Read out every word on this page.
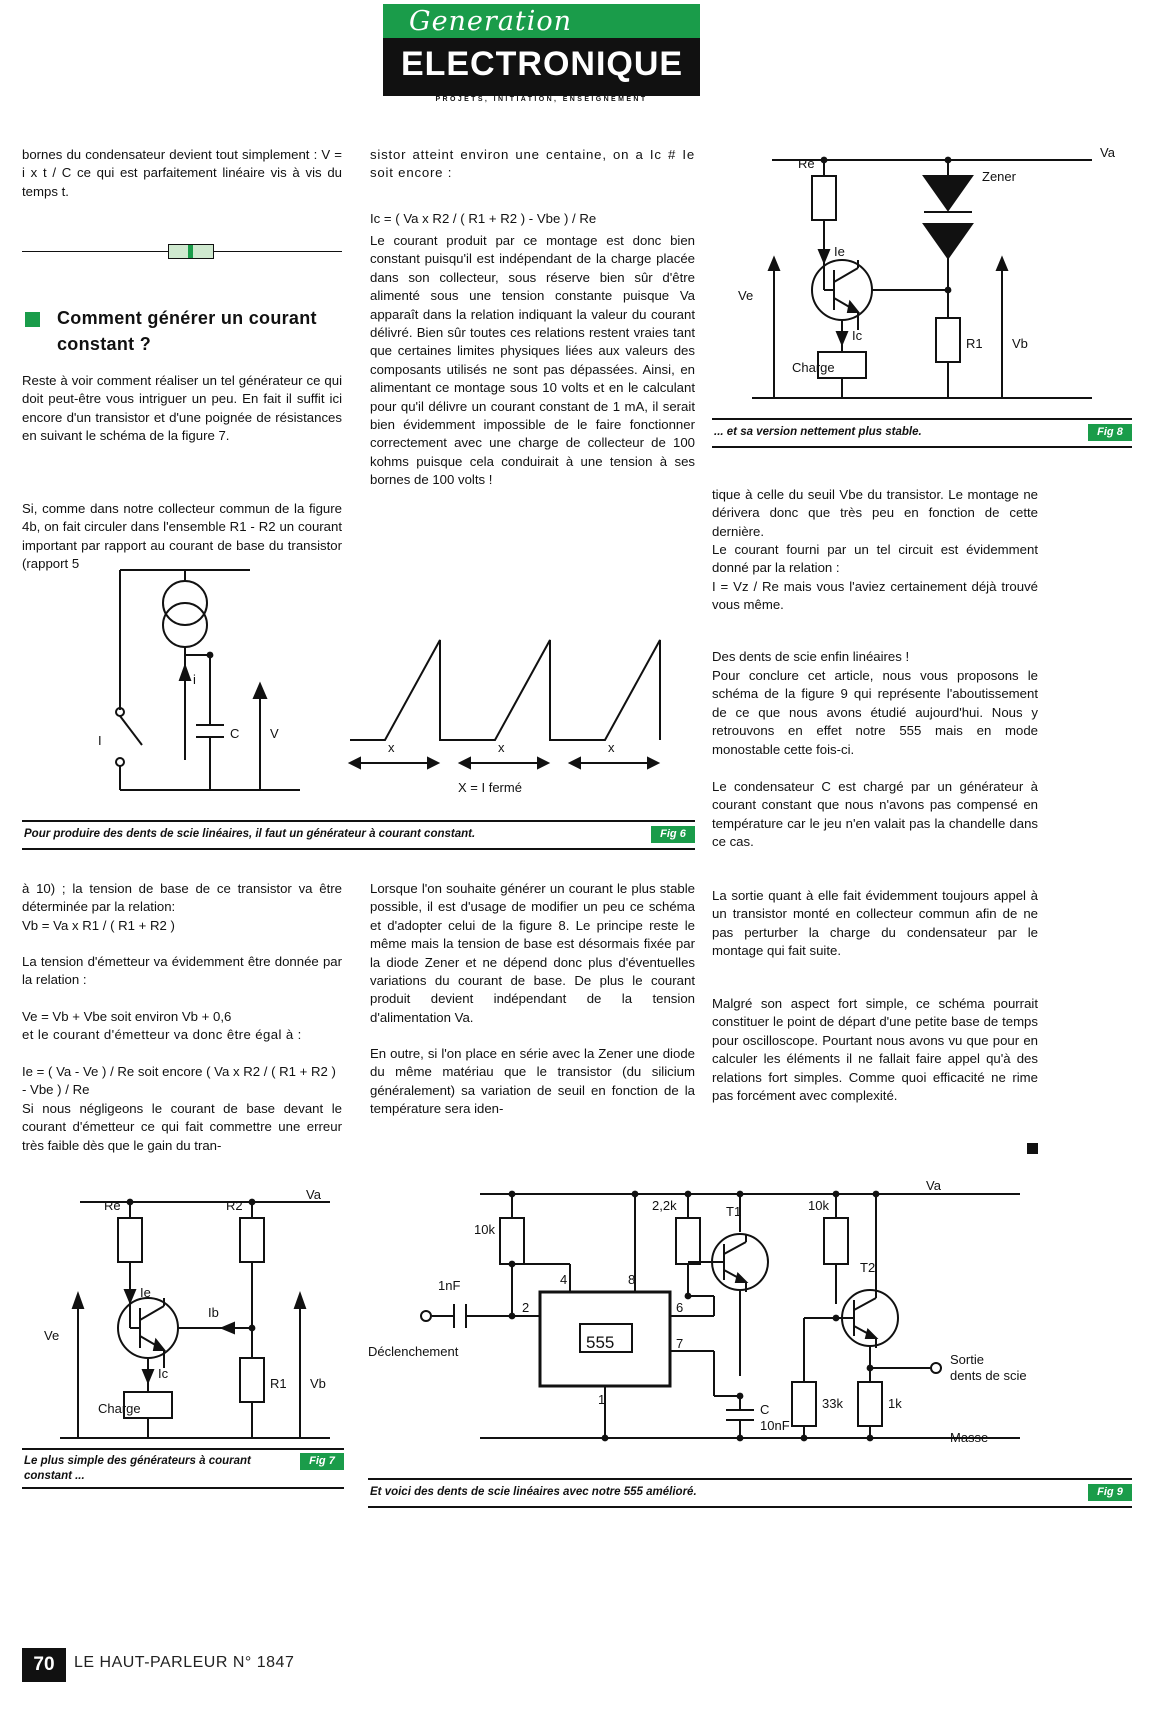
Generation
ELECTRONIQUE
PROJETS, INITIATION, ENSEIGNEMENT
bornes du condensateur devient tout simplement : V = i x t / C ce qui est parfaitement linéaire vis à vis du temps t.
Comment générer un courant constant ?
Reste à voir comment réaliser un tel générateur ce qui doit peut-être vous intriguer un peu. En fait il suffit ici encore d'un transistor et d'une poignée de résistances en suivant le schéma de la figure 7.
Si, comme dans notre collecteur commun de la figure 4b, on fait circuler dans l'ensemble R1 - R2 un courant important par rapport au courant de base du transistor (rapport 5
sistor atteint environ une centaine, on a Ic # Ie soit encore :
Ic = ( Va x R2 / ( R1 + R2 ) - Vbe ) / Re
Le courant produit par ce montage est donc bien constant puisqu'il est indépendant de la charge placée dans son collecteur, sous réserve bien sûr d'être alimenté sous une tension constante puisque Va apparaît dans la relation indiquant la valeur du courant délivré. Bien sûr toutes ces relations restent vraies tant que certaines limites physiques liées aux valeurs des composants utilisés ne sont pas dépassées. Ainsi, en alimentant ce montage sous 10 volts et en le calculant pour qu'il délivre un courant constant de 1 mA, il serait bien évidemment impossible de le faire fonctionner correctement avec une charge de collecteur de 100 kohms puisque cela conduirait à une tension à ses bornes de 100 volts !
Va
Re
Zener
Ie
Ve
Ic
Charge
R1 Vb
... et sa version nettement plus stable.	Fig 8
tique à celle du seuil Vbe du transistor. Le montage ne dérivera donc que très peu en fonction de cette dernière.
Le courant fourni par un tel circuit est évidemment donné par la relation :
I = Vz / Re mais vous l'aviez certainement déjà trouvé vous même.
Des dents de scie enfin linéaires !
Pour conclure cet article, nous vous proposons le schéma de la figure 9 qui représente l'aboutissement de ce que nous avons étudié aujourd'hui. Nous y retrouvons en effet notre 555 mais en mode monostable cette fois-ci.
Le condensateur C est chargé par un générateur à courant constant que nous n'avons pas compensé en température car le jeu n'en valait pas la chandelle dans ce cas.
La sortie quant à elle fait évidemment toujours appel à un transistor monté en collecteur commun afin de ne pas perturber la charge du condensateur par le montage qui fait suite.
Malgré son aspect fort simple, ce schéma pourrait constituer le point de départ d'une petite base de temps pour oscilloscope. Pourtant nous avons vu que pour en calculer les éléments il ne fallait faire appel qu'à des relations fort simples. Comme quoi efficacité ne rime pas forcément avec complexité.
i
I	C V
x	x	x
X = I fermé
Pour produire des dents de scie linéaires, il faut un générateur à courant constant.	Fig 6
à 10) ; la tension de base de ce transistor va être déterminée par la relation:
Vb = Va x R1 / ( R1 + R2 )
La tension d'émetteur va évidemment être donnée par la relation :
Ve = Vb + Vbe soit environ Vb + 0,6
et le courant d'émetteur va donc être égal à :
Ie = ( Va - Ve ) / Re soit encore ( Va x R2 / ( R1 + R2 ) - Vbe ) / Re
Si nous négligeons le courant de base devant le courant d'émetteur ce qui fait commettre une erreur très faible dès que le gain du tran-
Lorsque l'on souhaite générer un courant le plus stable possible, il est d'usage de modifier un peu ce schéma et d'adopter celui de la figure 8. Le principe reste le même mais la tension de base est désormais fixée par la diode Zener et ne dépend donc plus d'éventuelles variations du courant de base. De plus le courant produit devient indépendant de la tension d'alimentation Va.
En outre, si l'on place en série avec la Zener une diode du même matériau que le transistor (du silicium généralement) sa variation de seuil en fonction de la température sera iden-
Va
Re	R2
Ie
Ib
Ic
Ve
Charge
R1 Vb
Le plus simple des générateurs à courant constant ...
Fig 7
Va
10k
2,2k	T1	10k
T2
1nF	4	8
2	6
7
1
555
Déclenchement
C
10nF
33k	1k
Sortie
dents de scie
Masse
Et voici des dents de scie linéaires avec notre 555 amélioré.	Fig 9
70	LE HAUT-PARLEUR N° 1847
